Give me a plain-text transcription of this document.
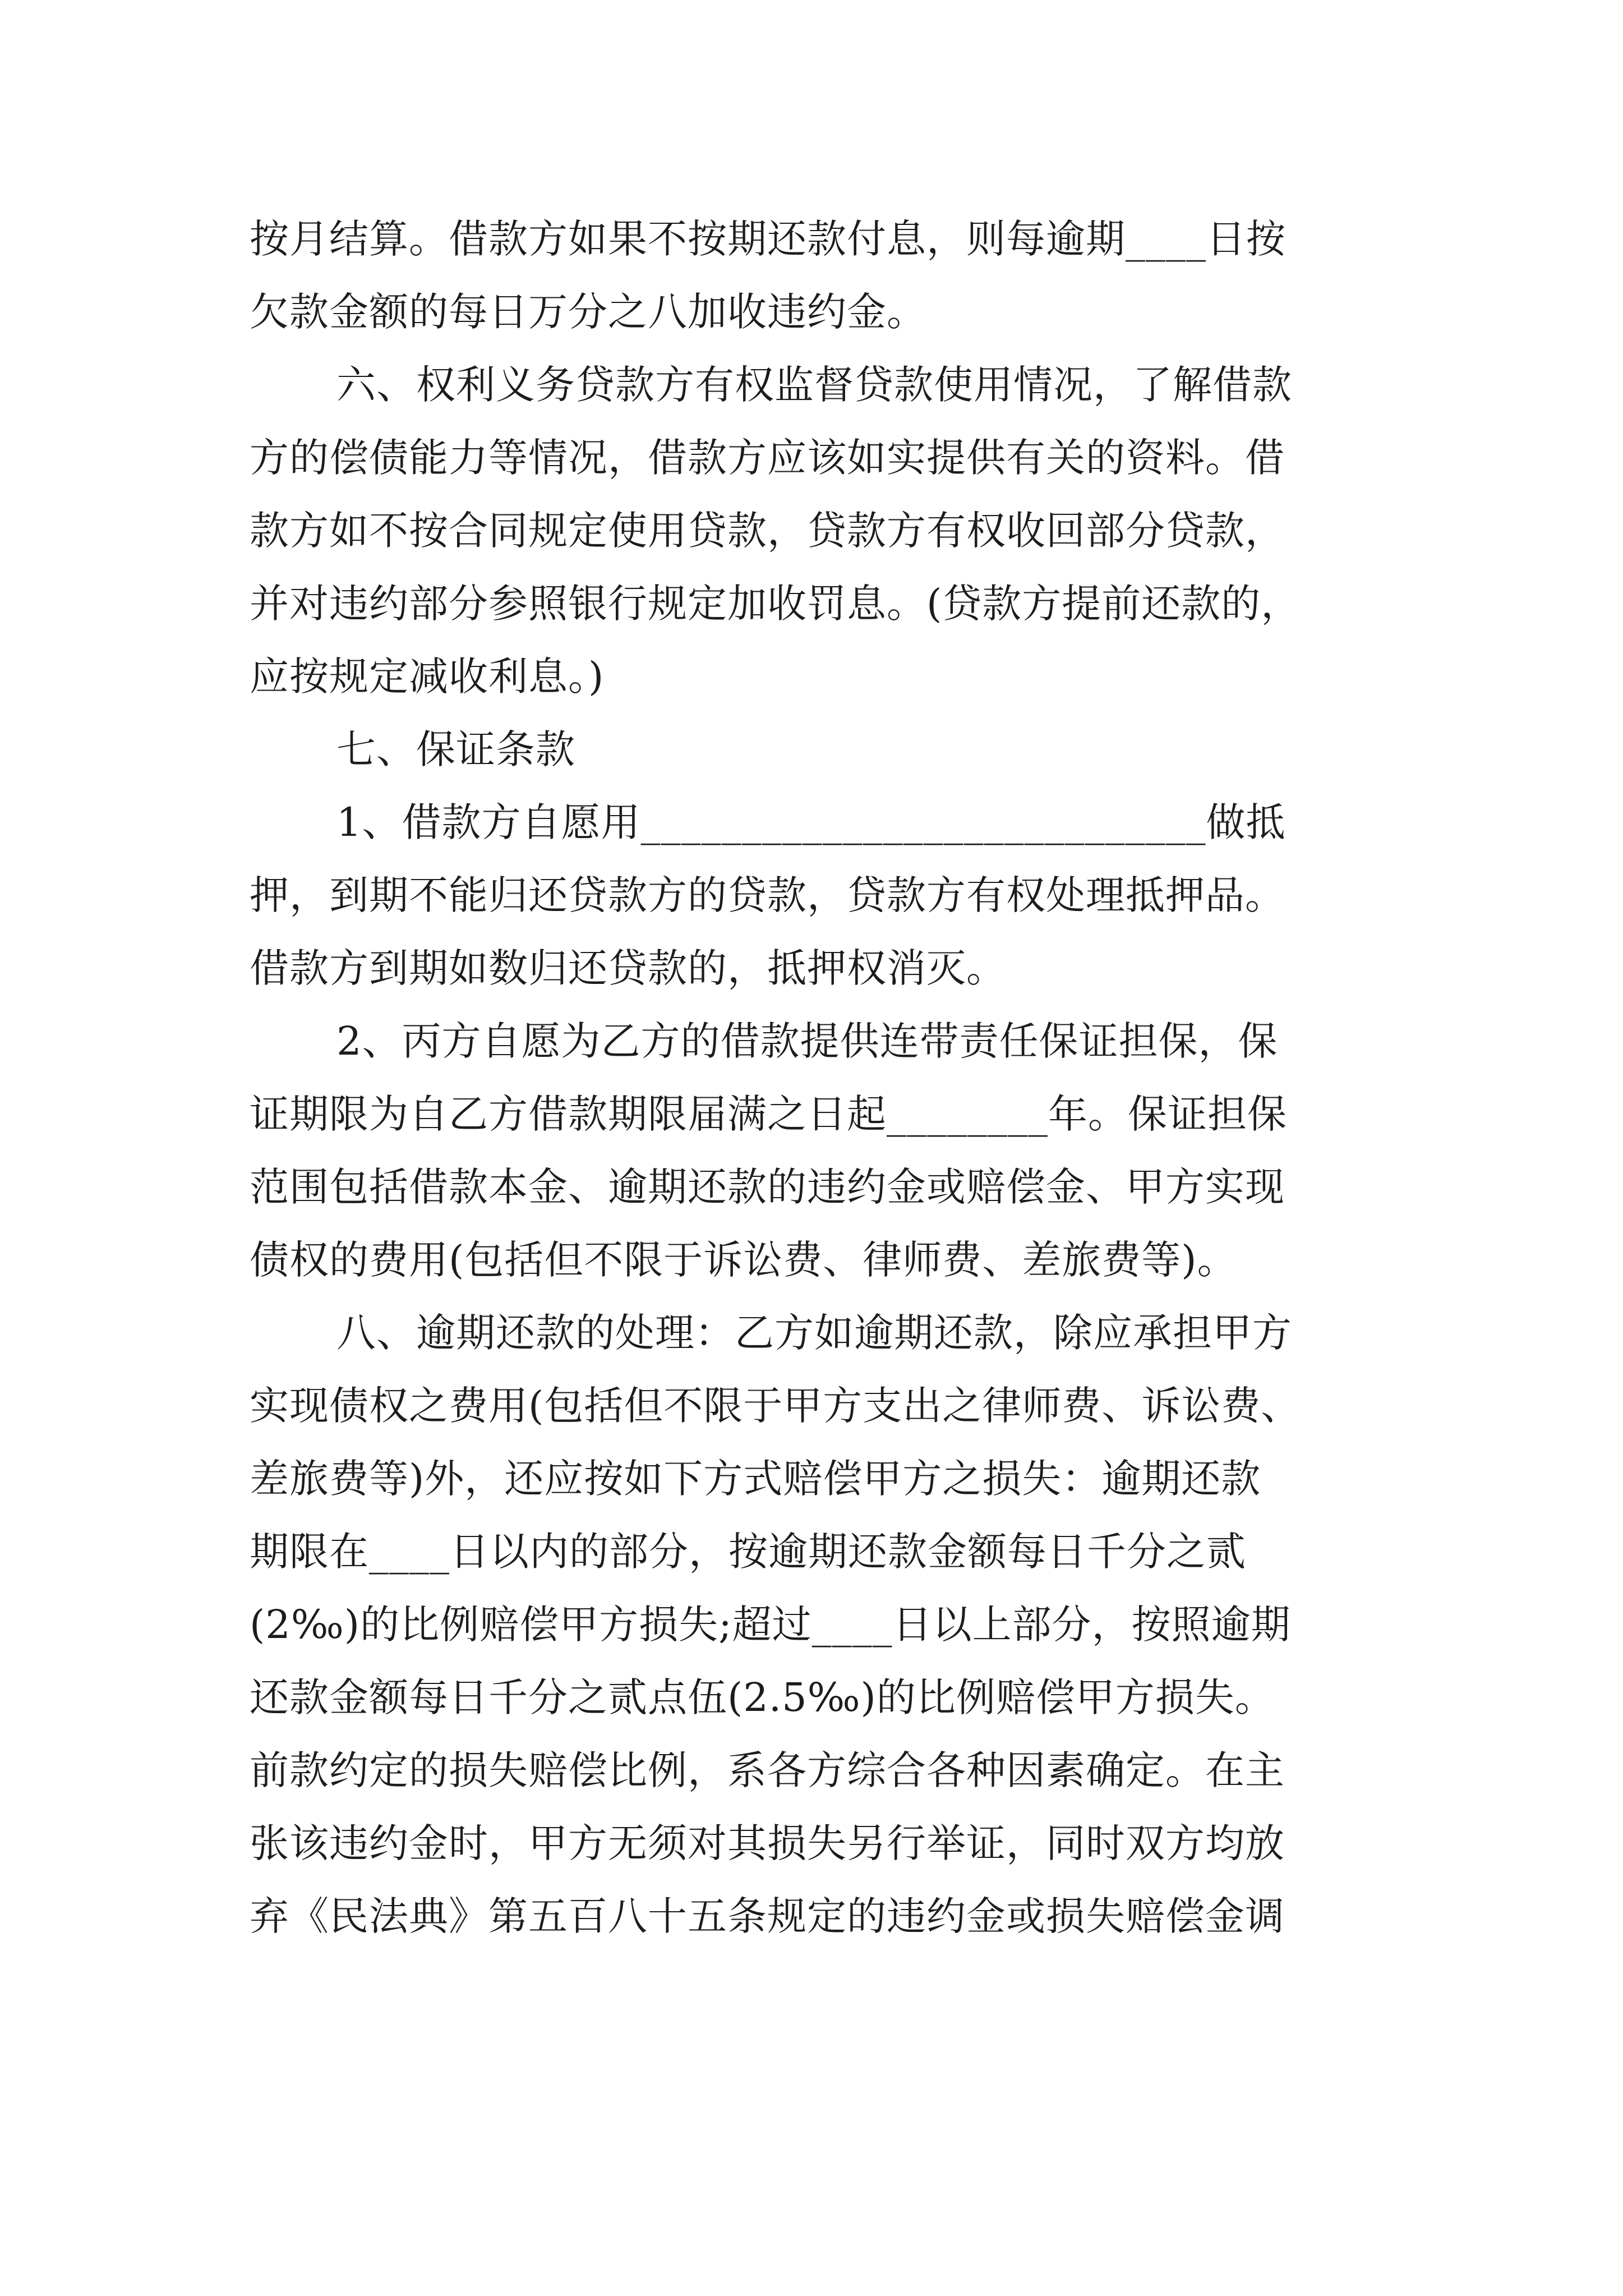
按月结算。借款方如果不按期还款付息，则每逾期____日按

欠款金额的每日万分之八加收违约金。

六、权利义务贷款方有权监督贷款使用情况，了解借款

方的偿债能力等情况，借款方应该如实提供有关的资料。借

款方如不按合同规定使用贷款，贷款方有权收回部分贷款，

并对违约部分参照银行规定加收罚息。(贷款方提前还款的，

应按规定减收利息。)

七、保证条款

1、借款方自愿用____________________________做抵

押，到期不能归还贷款方的贷款，贷款方有权处理抵押品。

借款方到期如数归还贷款的，抵押权消灭。

2、丙方自愿为乙方的借款提供连带责任保证担保，保

证期限为自乙方借款期限届满之日起________年。保证担保

范围包括借款本金、逾期还款的违约金或赔偿金、甲方实现

债权的费用(包括但不限于诉讼费、律师费、差旅费等)。

八、逾期还款的处理：乙方如逾期还款，除应承担甲方

实现债权之费用(包括但不限于甲方支出之律师费、诉讼费、

差旅费等)外，还应按如下方式赔偿甲方之损失：逾期还款

期限在____日以内的部分，按逾期还款金额每日千分之贰

(2‰)的比例赔偿甲方损失;超过____日以上部分，按照逾期

还款金额每日千分之贰点伍(2.5‰)的比例赔偿甲方损失。

前款约定的损失赔偿比例，系各方综合各种因素确定。在主

张该违约金时，甲方无须对其损失另行举证，同时双方均放

弃《民法典》第五百八十五条规定的违约金或损失赔偿金调
